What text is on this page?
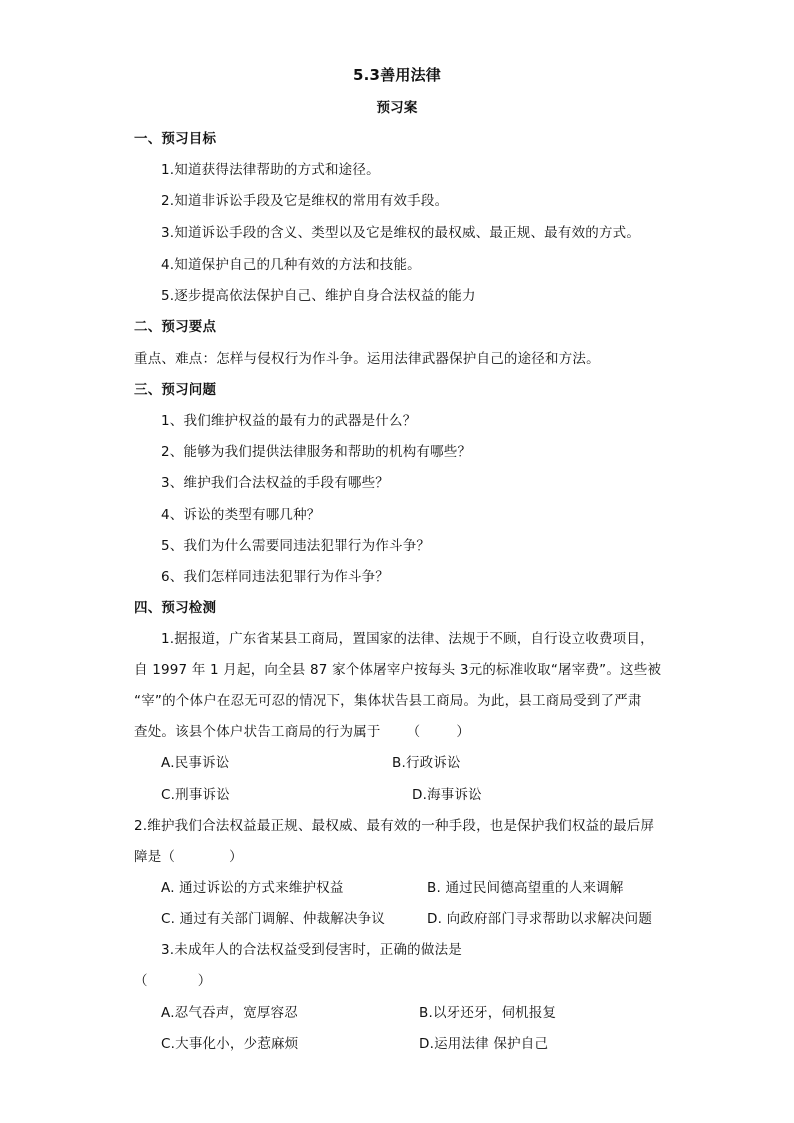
5.3善用法律
预习案
一、预习目标
1.知道获得法律帮助的方式和途径。
2.知道非诉讼手段及它是维权的常用有效手段。
3.知道诉讼手段的含义、类型以及它是维权的最权威、最正规、最有效的方式。
4.知道保护自己的几种有效的方法和技能。
5.逐步提高依法保护自己、维护自身合法权益的能力
二、预习要点
重点、难点：怎样与侵权行为作斗争。运用法律武器保护自己的途径和方法。
三、预习问题
1、我们维护权益的最有力的武器是什么？
2、能够为我们提供法律服务和帮助的机构有哪些？
3、维护我们合法权益的手段有哪些？
4、诉讼的类型有哪几种？
5、我们为什么需要同违法犯罪行为作斗争？
6、我们怎样同违法犯罪行为作斗争？
四、预习检测
1.据报道，广东省某县工商局，置国家的法律、法规于不顾，自行设立收费项目，
自 1997 年 1 月起，向全县 87 家个体屠宰户按每头 3元的标准收取“屠宰费”。这些被
“宰”的个体户在忍无可忍的情况下，集体状告县工商局。为此，县工商局受到了严肃
查处。该县个体户状告工商局的行为属于 （	）
A.民事诉讼	B.行政诉讼
C.刑事诉讼	D.海事诉讼
2.维护我们合法权益最正规、最权威、最有效的一种手段，也是保护我们权益的最后屏
障是（	）
A. 通过诉讼的方式来维护权益	B. 通过民间德高望重的人来调解
C. 通过有关部门调解、仲裁解决争议	D. 向政府部门寻求帮助以求解决问题
3.未成年人的合法权益受到侵害时，正确的做法是
（	）
A.忍气吞声，宽厚容忍	B.以牙还牙，伺机报复
C.大事化小，少惹麻烦	D.运用法律 保护自己
